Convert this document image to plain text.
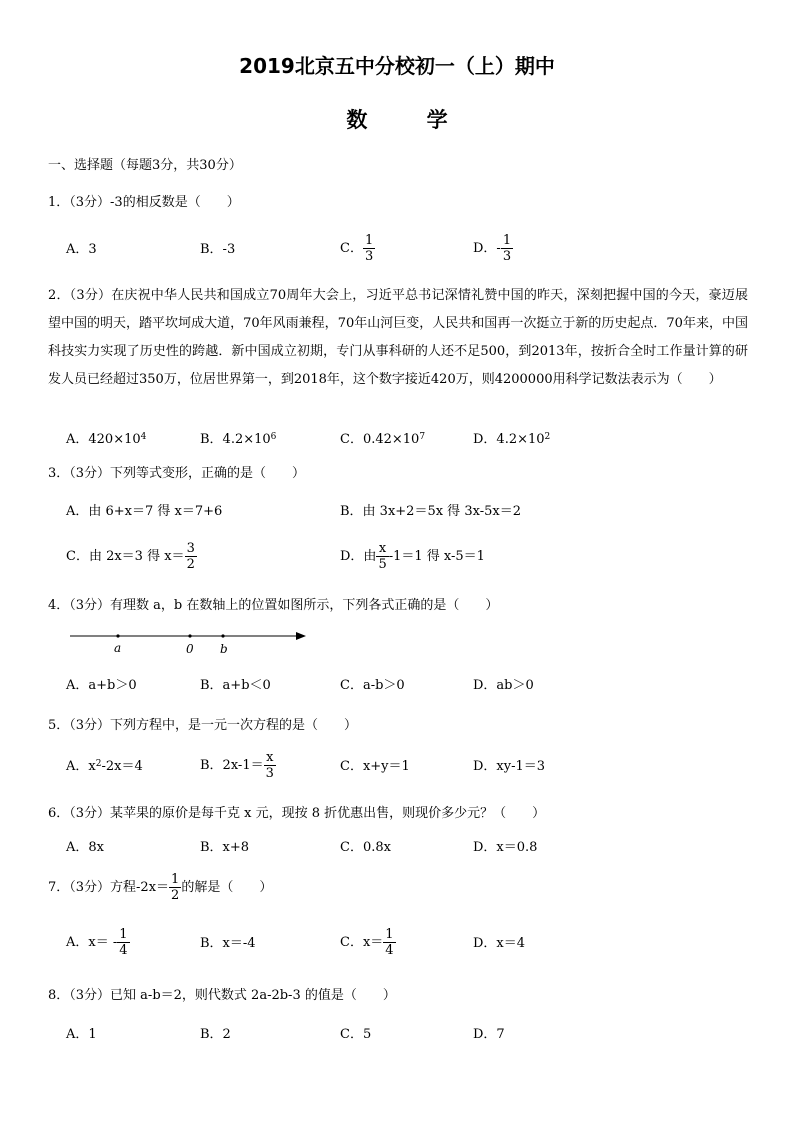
2019北京五中分校初一（上）期中
数 学
一、选择题（每题3分，共30分）
1．（3分）-3的相反数是（　　）
A．3	B．-3	C． $\frac{1}{3}$	D．- $\frac{1}{3}$
2．（3分）在庆祝中华人民共和国成立70周年大会上，习近平总书记深情礼赞中国的昨天，深刻把握中国的今天，豪迈展望中国的明天，踏平坎坷成大道，70年风雨兼程，70年山河巨变，人民共和国再一次挺立于新的历史起点．70年来，中国科技实力实现了历史性的跨越．新中国成立初期，专门从事科研的人还不足500，到2013年，按折合全时工作量计算的研发人员已经超过350万，位居世界第一，到2018年，这个数字接近420万，则4200000用科学记数法表示为（　　）
A．$420\times 10^4$	B．$4.2\times 10^6$	C．$0.42\times 10^7$	D．$4.2\times 10^2$
3．（3分）下列等式变形，正确的是（　　）
A．由 6+x＝7 得 x＝7+6	B．由 3x+2＝5x 得 3x-5x＝2
C．由 2x＝3 得 $x= \frac{3}{2}$	D．由 $\frac{x}{5} -1=1$ 得 x-5＝1
4．（3分）有理数 a，b 在数轴上的位置如图所示，下列各式正确的是（　　）
a	0 b
A．a+b＞0	B．a+b＜0	C．a-b＞0	D．ab＞0
5．（3分）下列方程中，是一元一次方程的是（　　）
A．$x^2-2x=4$	B．$2x-1= \frac{x}{3}$	C．x+y＝1	D．xy-1＝3
6．（3分）某苹果的原价是每千克 x 元，现按 8 折优惠出售，则现价多少元？（　　）
A．8x	B．x+8	C．0.8x	D．x＝0.8
7．（3分）方程$-2x= \frac{1}{2}$ 的解是（　　）
A．$x= - \frac{1}{4}$	B．x＝-4	C．$x= \frac{1}{4}$	D．x＝4
8．（3分）已知 a-b＝2，则代数式 2a-2b-3 的值是（　　）
A．1	B．2	C．5	D．7
